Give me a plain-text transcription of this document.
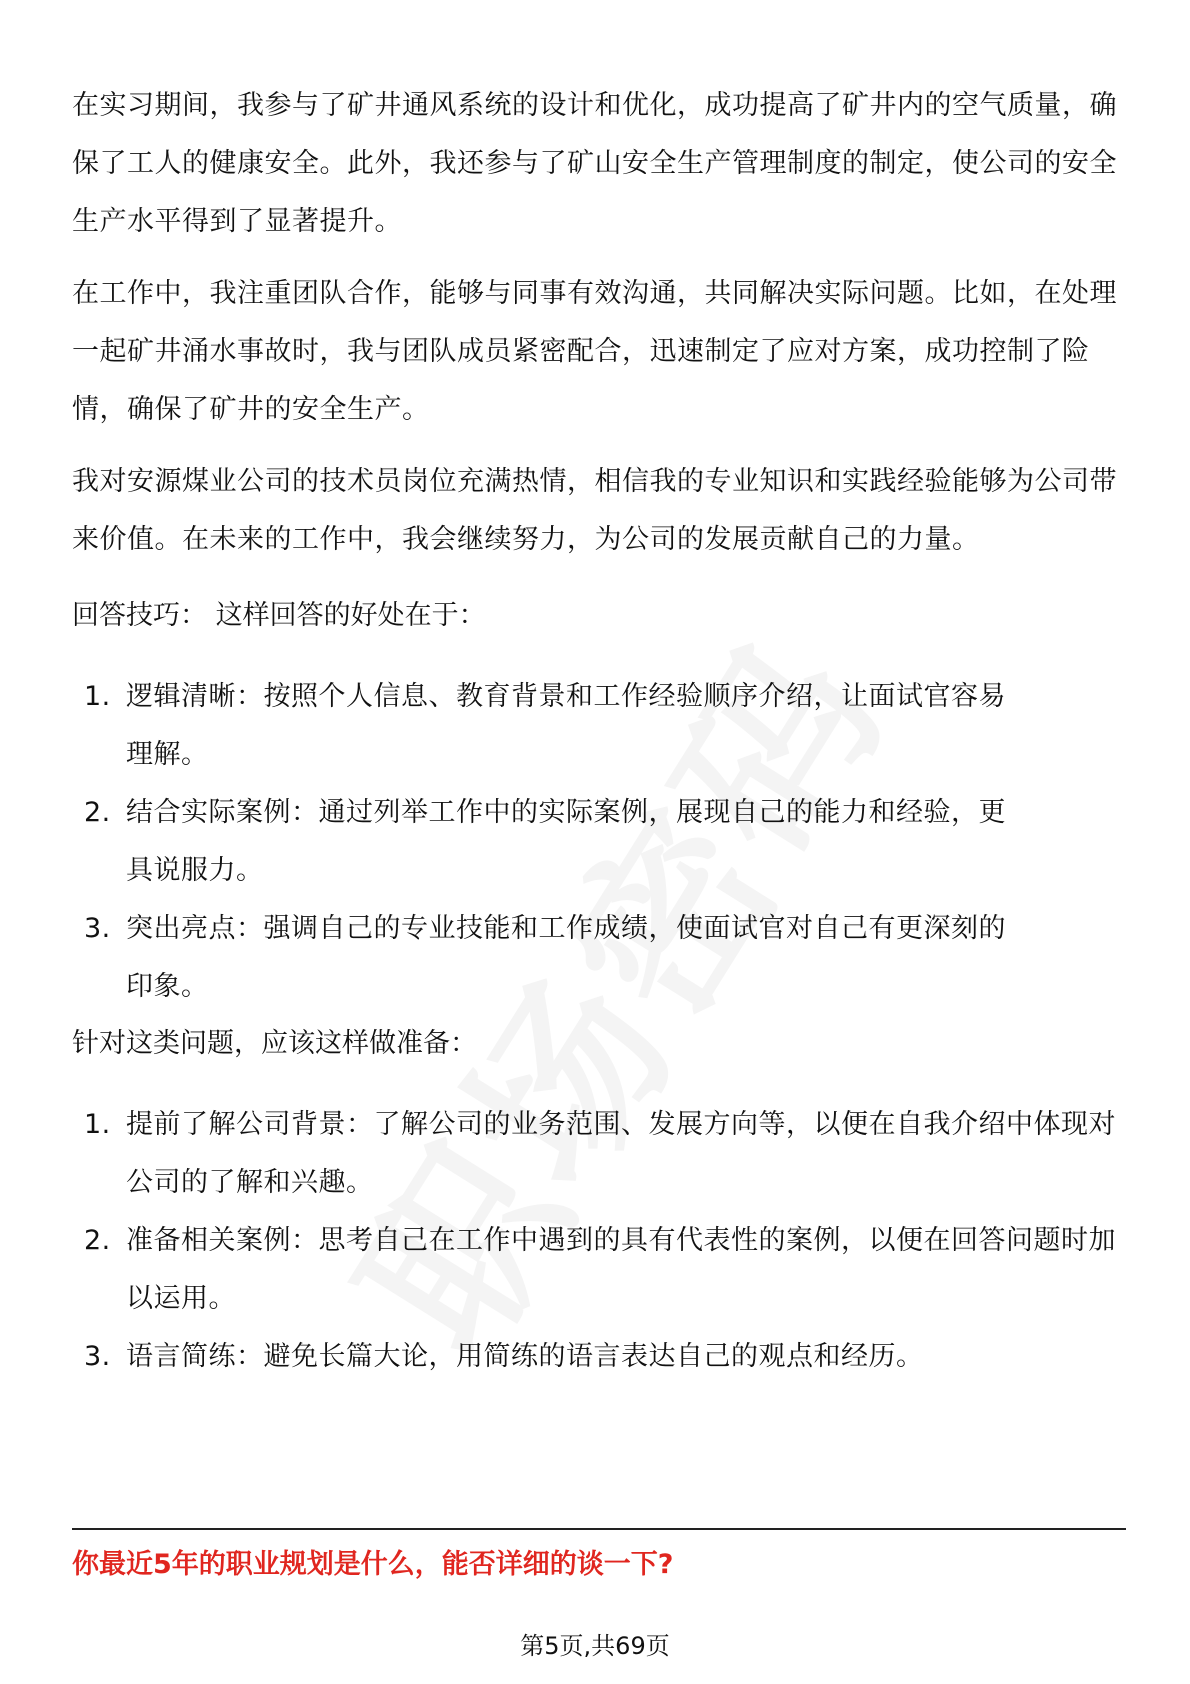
在实习期间，我参与了矿井通风系统的设计和优化，成功提高了矿井内的空气质量，确保了工人的健康安全。此外，我还参与了矿山安全生产管理制度的制定，使公司的安全生产水平得到了显著提升。

在工作中，我注重团队合作，能够与同事有效沟通，共同解决实际问题。比如，在处理一起矿井涌水事故时，我与团队成员紧密配合，迅速制定了应对方案，成功控制了险情，确保了矿井的安全生产。

我对安源煤业公司的技术员岗位充满热情，相信我的专业知识和实践经验能够为公司带来价值。在未来的工作中，我会继续努力，为公司的发展贡献自己的力量。

回答技巧： 这样回答的好处在于：

1. 逻辑清晰：按照个人信息、教育背景和工作经验顺序介绍，让面试官容易理解。
2. 结合实际案例：通过列举工作中的实际案例，展现自己的能力和经验，更具说服力。
3. 突出亮点：强调自己的专业技能和工作成绩，使面试官对自己有更深刻的印象。

针对这类问题，应该这样做准备：

1. 提前了解公司背景：了解公司的业务范围、发展方向等，以便在自我介绍中体现对公司的了解和兴趣。
2. 准备相关案例：思考自己在工作中遇到的具有代表性的案例，以便在回答问题时加以运用。
3. 语言简练：避免长篇大论，用简练的语言表达自己的观点和经历。
你最近5年的职业规划是什么，能否详细的谈一下?
第5页,共69页
